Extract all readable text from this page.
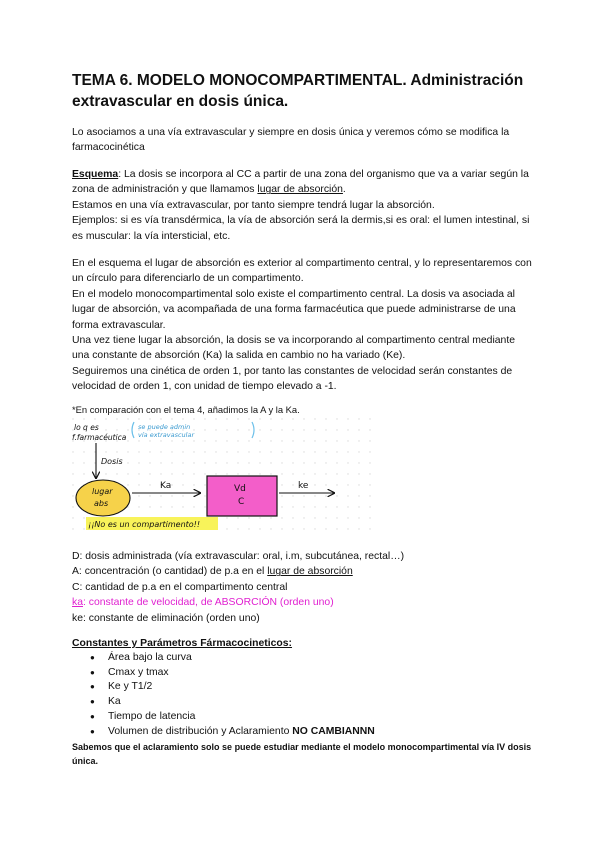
TEMA 6. MODELO MONOCOMPARTIMENTAL. Administración extravascular en dosis única.
Lo asociamos a una vía extravascular y siempre en dosis única y veremos cómo se modifica la farmacocinética
Esquema: La dosis se incorpora al CC a partir de una zona del organismo que va a variar según la zona de administración y que llamamos lugar de absorción.
Estamos en una vía extravascular, por tanto siempre tendrá lugar la absorción.
Ejemplos: si es vía transdérmica, la vía de absorción será la dermis,si es oral: el lumen intestinal, si es muscular: la vía intersticial, etc.
En el esquema el lugar de absorción es exterior al compartimento central, y lo representaremos con un círculo para diferenciarlo de un compartimento.
En el modelo monocompartimental solo existe el compartimento central. La dosis va asociada al lugar de absorción, va acompañada de una forma farmacéutica que puede administrarse de una forma extravascular.
Una vez tiene lugar la absorción, la dosis se va incorporando al compartimento central mediante una constante de absorción (Ka) la salida en cambio no ha variado (Ke).
Seguiremos una cinética de orden 1, por tanto las constantes de velocidad serán constantes de velocidad de orden 1, con unidad de tiempo elevado a -1.
*En comparación con el tema 4, añadimos la A y la Ka.
lo q es
f.farmacéutica
se puede admin
vía extravascular
Dosis
lugar
abs
Ka	Vd
C
ke
¡¡No es un compartimento!!
D: dosis administrada (vía extravascular: oral, i.m, subcutánea, rectal…)
A: concentración (o cantidad) de p.a en el lugar de absorción
C: cantidad de p.a en el compartimento central
ka: constante de velocidad, de ABSORCIÓN (orden uno)
ke: constante de eliminación (orden uno)
Constantes y Parámetros Fármacocineticos:
● Área bajo la curva
● Cmax y tmax
● Ke y T1/2
● Ka
● Tiempo de latencia
● Volumen de distribución y Aclaramiento NO CAMBIANNN
Sabemos que el aclaramiento solo se puede estudiar mediante el modelo monocompartimental vía IV dosis única.
